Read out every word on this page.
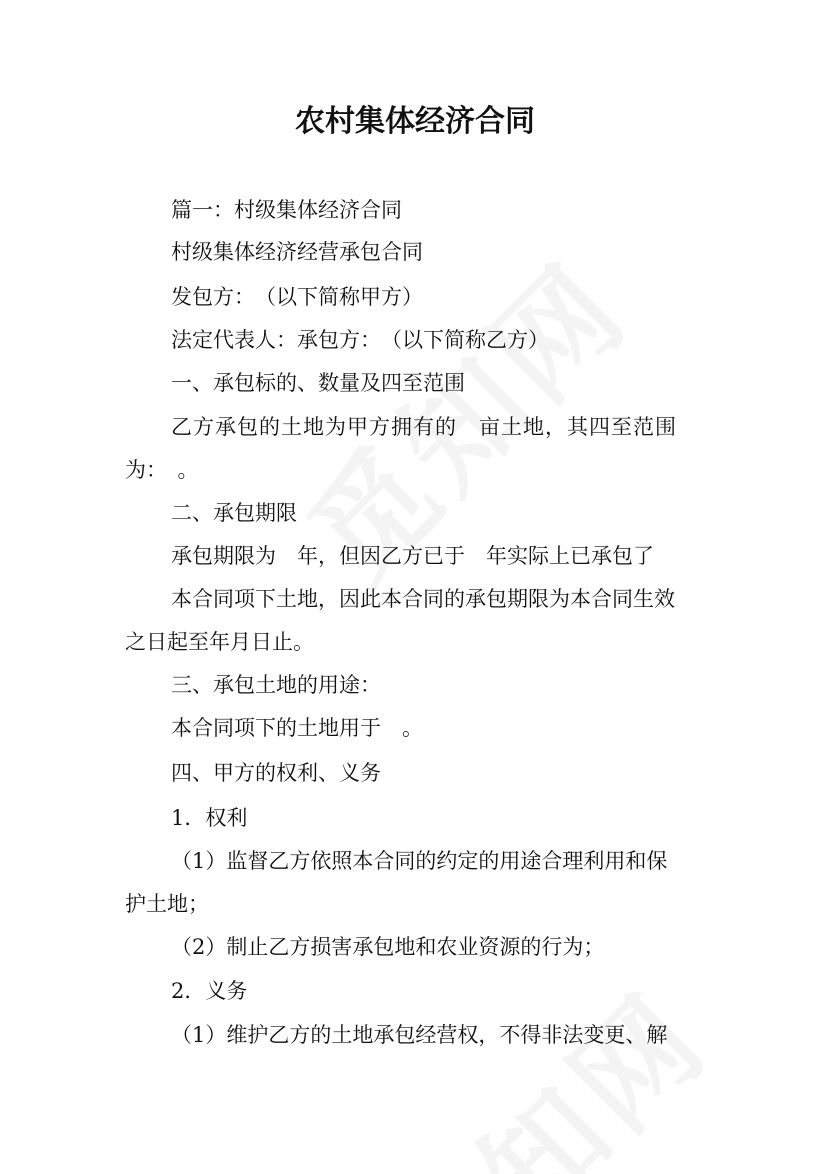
农村集体经济合同
篇一：村级集体经济合同
村级集体经济经营承包合同
发包方：　（以下简称甲方）
法定代表人：承包方：　（以下简称乙方）
一、承包标的、数量及四至范围
乙方承包的土地为甲方拥有的　亩土地，其四至范围
为：　。
二、承包期限
承包期限为　年，但因乙方已于　年实际上已承包了
本合同项下土地，因此本合同的承包期限为本合同生效
之日起至年月日止。
三、承包土地的用途：
本合同项下的土地用于　。
四、甲方的权利、义务
1．权利
（1）监督乙方依照本合同的约定的用途合理利用和保
护土地；
（2）制止乙方损害承包地和农业资源的行为；
2．义务
（1）维护乙方的土地承包经营权，不得非法变更、解
